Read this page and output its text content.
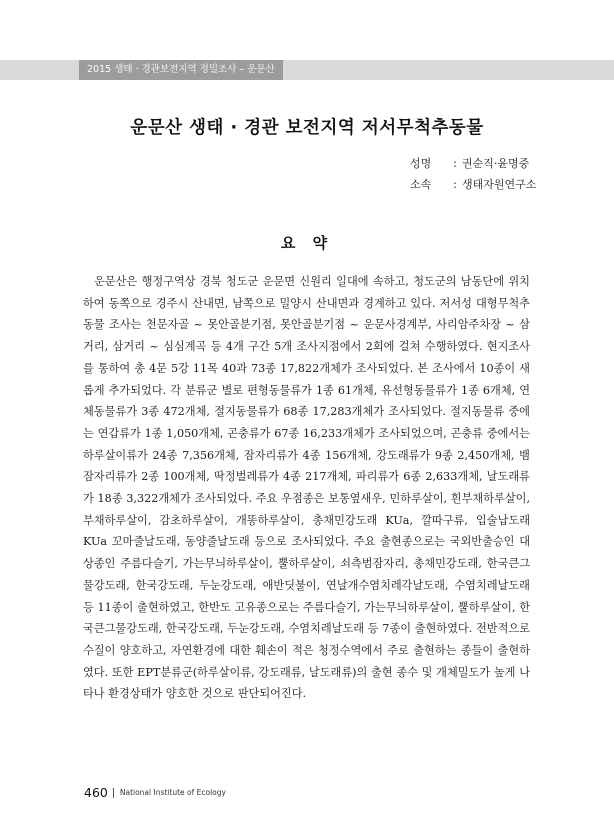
2015 생태 · 경관보전지역 정밀조사 – 운문산
운문산 생태 · 경관 보전지역 저서무척추동물
성명 : 권순직·윤명중
소속 : 생태자원연구소
요 약

운문산은 행정구역상 경북 청도군 운문면 신원리 일대에 속하고, 청도군의 남동단에 위치하여 동쪽으로 경주시 산내면, 남쪽으로 밀양시 산내면과 경계하고 있다. 저서성 대형무척추동물 조사는 천문자골 ~ 못안골분기점, 못안골분기점 ~ 운문사경계부, 사리암주차장 ~ 삼거리, 삼거리 ~ 심심계곡 등 4개 구간 5개 조사지점에서 2회에 걸쳐 수행하였다. 현지조사를 통하여 총 4문 5강 11목 40과 73종 17,822개체가 조사되었다. 본 조사에서 10종이 새롭게 추가되었다. 각 분류군 별로 편형동물류가 1종 61개체, 유선형동물류가 1종 6개체, 연체동물류가 3종 472개체, 절지동물류가 68종 17,283개체가 조사되었다. 절지동물류 중에는 연갑류가 1종 1,050개체, 곤충류가 67종 16,233개체가 조사되었으며, 곤충류 중에서는 하루살이류가 24종 7,356개체, 잠자리류가 4종 156개체, 강도래류가 9종 2,450개체, 뱀잠자리류가 2종 100개체, 딱정벌레류가 4종 217개체, 파리류가 6종 2,633개체, 날도래류가 18종 3,322개체가 조사되었다. 주요 우점종은 보통옆새우, 민하루살이, 흰부채하루살이, 부채하루살이, 감초하루살이, 개똥하루살이, 총채민강도래 KUa, 깔따구류, 입술납도래 KUa 꼬마줄날도래, 동양줄날도래 등으로 조사되었다. 주요 출현종으로는 국외반출승인 대상종인 주름다슬기, 가는무늬하루살이, 뿔하루살이, 쇠측범잠자리, 총채민강도래, 한국큰그물강도래, 한국강도래, 두눈강도래, 애반딧불이, 연날개수염치레각날도래, 수염치레날도래 등 11종이 출현하였고, 한반도 고유종으로는 주름다슬기, 가는무늬하루살이, 뿔하루살이, 한국큰그물강도래, 한국강도래, 두눈강도래, 수염치레날도래 등 7종이 출현하였다. 전반적으로 수질이 양호하고, 자연환경에 대한 훼손이 적은 청정수역에서 주로 출현하는 종들이 출현하였다. 또한 EPT분류군(하루살이류, 강도래류, 날도래류)의 출현 종수 및 개체밀도가 높게 나타나 환경상태가 양호한 것으로 판단되어진다.

460 National Institute of Ecology
